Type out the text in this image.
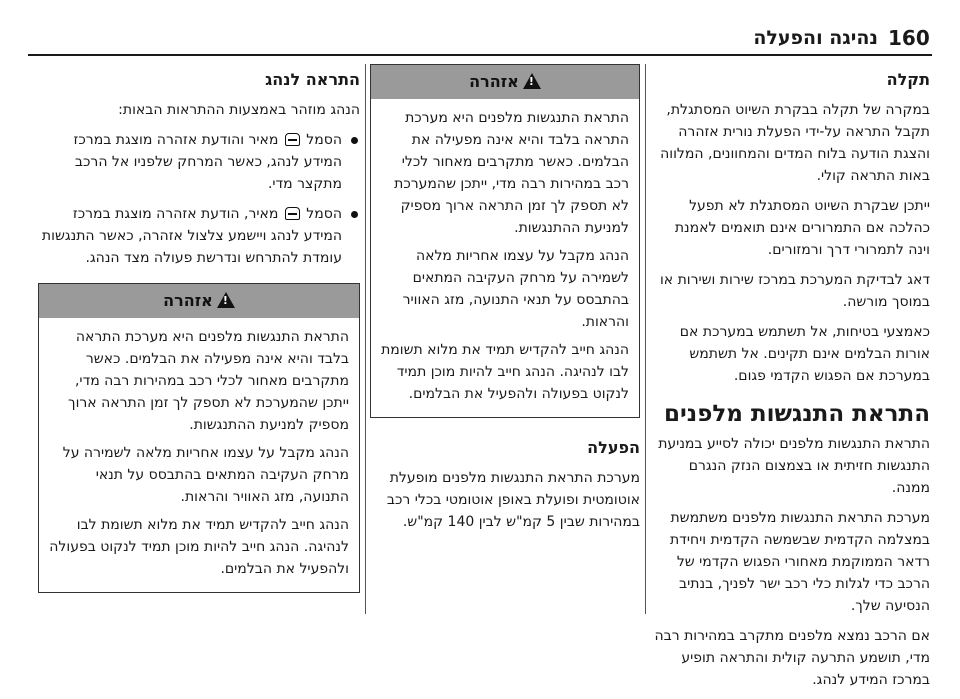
160
נהיגה והפעלה
תקלה

במקרה של תקלה בבקרת השיוט המסתגלת, תקבל התראה על-ידי הפעלת נורית אזהרה והצגת הודעה בלוח המדים והמחוונים, המלווה באות התראה קולי.

ייתכן שבקרת השיוט המסתגלת לא תפעל כהלכה אם התמרורים אינם תואמים לאמנת וינה לתמרורי דרך ורמזורים.

דאג לבדיקת המערכת במרכז שירות ושירות או במוסך מורשה.

כאמצעי בטיחות, אל תשתמש במערכת אם אורות הבלמים אינם תקינים. אל תשתמש במערכת אם הפגוש הקדמי פגום.

התראת התנגשות מלפנים

התראת התנגשות מלפנים יכולה לסייע במניעת התנגשות חזיתית או בצמצום הנזק הנגרם ממנה.

מערכת התראת התנגשות מלפנים משתמשת במצלמה הקדמית שבשמשה הקדמית ויחידת רדאר הממוקמת מאחורי הפגוש הקדמי של הרכב כדי לגלות כלי רכב ישר לפניך, בנתיב הנסיעה שלך.

אם הרכב נמצא מלפנים מתקרב במהירות רבה מדי, תושמע התרעה קולית והתראה תופיע במרכז המידע לנהג.

!אזהרה

התראת התנגשות מלפנים היא מערכת התראה בלבד והיא אינה מפעילה את הבלמים. כאשר מתקרבים מאחור לכלי רכב במהירות רבה מדי, ייתכן שהמערכת לא תספק לך זמן התראה ארוך מספיק למניעת ההתנגשות.

הנהג מקבל על עצמו אחריות מלאה לשמירה על מרחק העקיבה המתאים בהתבסס על תנאי התנועה, מזג האוויר והראות.

הנהג חייב להקדיש תמיד את מלוא תשומת לבו לנהיגה. הנהג חייב להיות מוכן תמיד לנקוט בפעולה ולהפעיל את הבלמים.

הפעלה

מערכת התראת התנגשות מלפנים מופעלת אוטומטית ופועלת באופן אוטומטי בכלי רכב במהירות שבין 5 קמ"ש לבין 140 קמ"ש.

התראה לנהג

הנהג מוזהר באמצעות ההתראות הבאות:

הסמל  מאיר והודעת אזהרה מוצגת במרכז המידע לנהג, כאשר המרחק שלפניו אל הרכב מתקצר מדי.

הסמל  מאיר, הודעת אזהרה מוצגת במרכז המידע לנהג ויישמע צלצול אזהרה, כאשר התנגשות עומדת להתרחש ונדרשת פעולה מצד הנהג.

!אזהרה

התראת התנגשות מלפנים היא מערכת התראה בלבד והיא אינה מפעילה את הבלמים. כאשר מתקרבים מאחור לכלי רכב במהירות רבה מדי, ייתכן שהמערכת לא תספק לך זמן התראה ארוך מספיק למניעת ההתנגשות.

הנהג מקבל על עצמו אחריות מלאה לשמירה על מרחק העקיבה המתאים בהתבסס על תנאי התנועה, מזג האוויר והראות.

הנהג חייב להקדיש תמיד את מלוא תשומת לבו לנהיגה. הנהג חייב להיות מוכן תמיד לנקוט בפעולה ולהפעיל את הבלמים.
